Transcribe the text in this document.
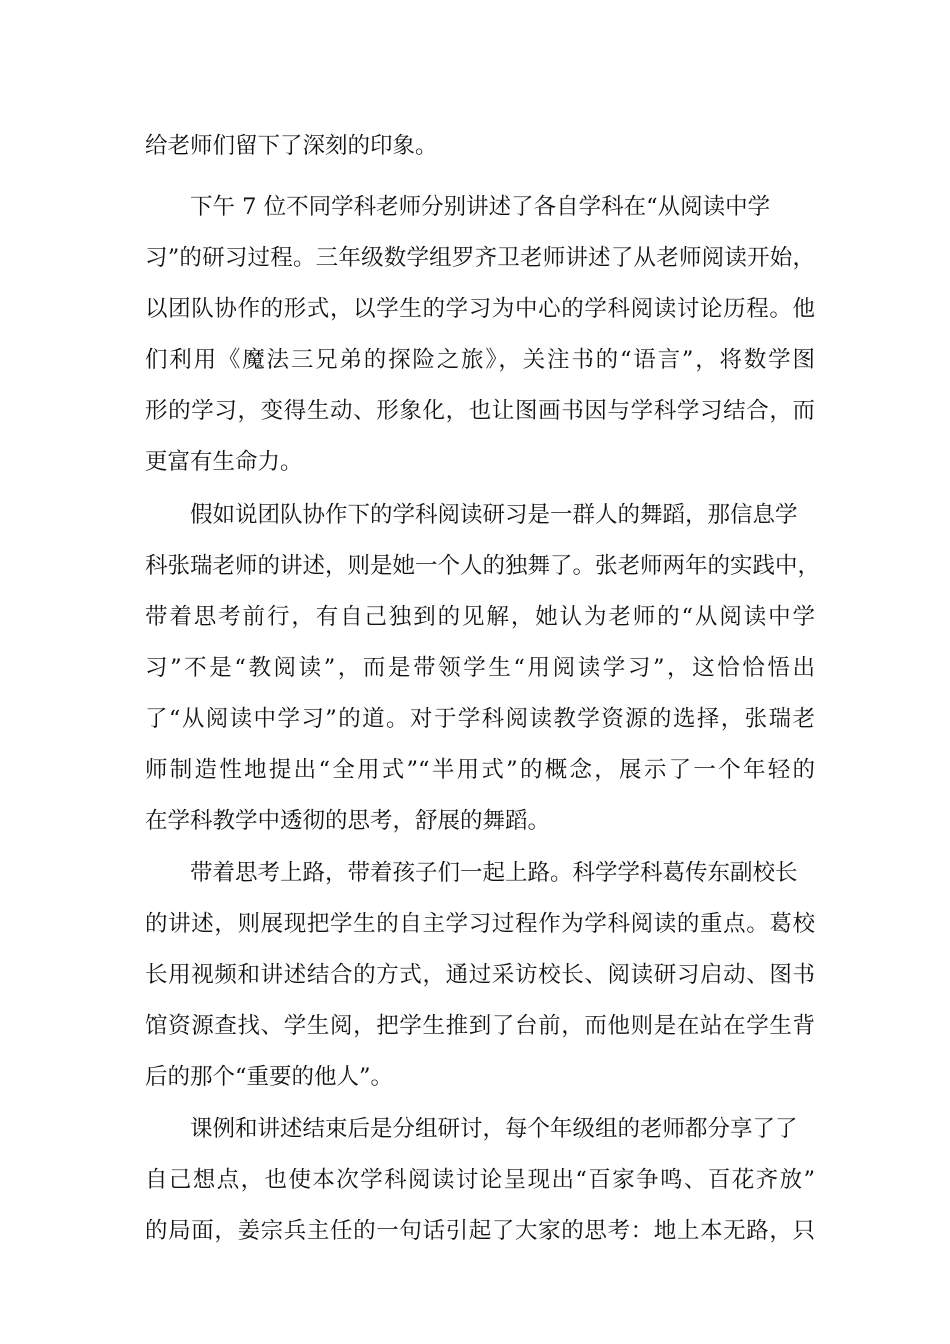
给老师们留下了深刻的印象。
下午 7 位不同学科老师分别讲述了各自学科在“从阅读中学
习”的研习过程。三年级数学组罗齐卫老师讲述了从老师阅读开始，
以团队协作的形式，以学生的学习为中心的学科阅读讨论历程。他
们利用《魔法三兄弟的探险之旅》，关注书的“语言”，将数学图
形的学习，变得生动、形象化，也让图画书因与学科学习结合，而
更富有生命力。
假如说团队协作下的学科阅读研习是一群人的舞蹈，那信息学
科张瑞老师的讲述，则是她一个人的独舞了。张老师两年的实践中，
带着思考前行，有自己独到的见解，她认为老师的“从阅读中学
习”不是“教阅读”，而是带领学生“用阅读学习”，这恰恰悟出
了“从阅读中学习”的道。对于学科阅读教学资源的选择，张瑞老
师制造性地提出“全用式”“半用式”的概念，展示了一个年轻的
在学科教学中透彻的思考，舒展的舞蹈。
带着思考上路，带着孩子们一起上路。科学学科葛传东副校长
的讲述，则展现把学生的自主学习过程作为学科阅读的重点。葛校
长用视频和讲述结合的方式，通过采访校长、阅读研习启动、图书
馆资源查找、学生阅，把学生推到了台前，而他则是在站在学生背
后的那个“重要的他人”。
课例和讲述结束后是分组研讨，每个年级组的老师都分享了了
自己想点，也使本次学科阅读讨论呈现出“百家争鸣、百花齐放”
的局面，姜宗兵主任的一句话引起了大家的思考：地上本无路，只
